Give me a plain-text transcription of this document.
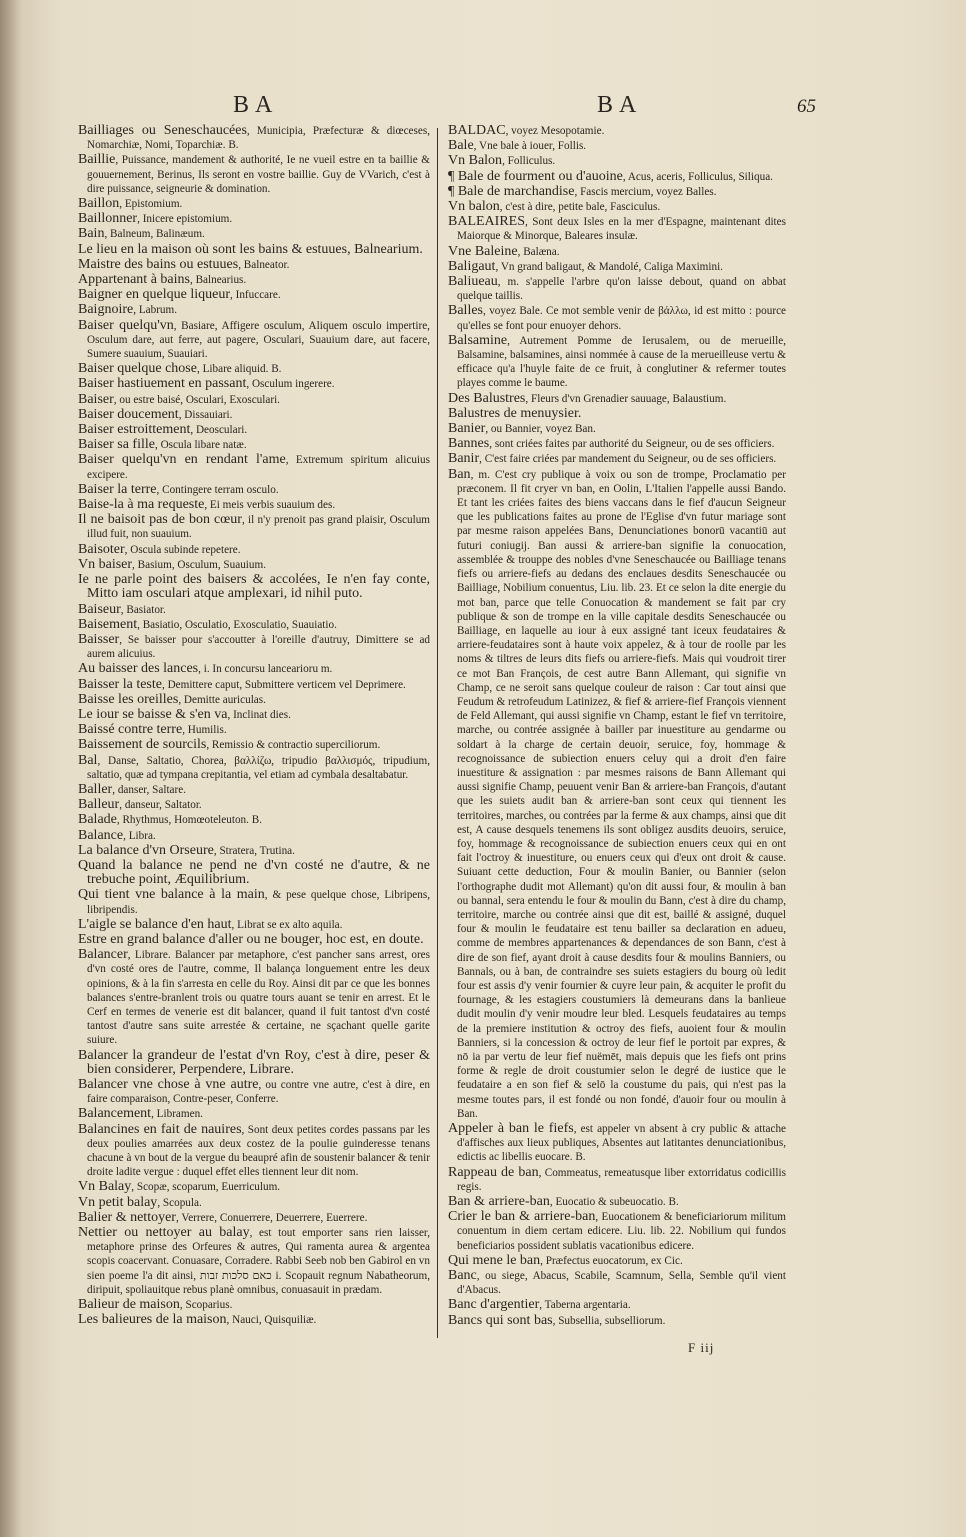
BA	BA	65

Bailliages ou Seneschaucées, Municipia, Præfecturæ & diœceses, Nomarchiæ, Nomi, Toparchiæ. B.

Baillie, Puissance, mandement & authorité, Ie ne vueil estre en ta baillie & gouuernement, Berinus, Ils seront en vostre baillie. Guy de VVarich, c'est à dire puissance, seigneurie & domination.

Baillon, Epistomium.

Baillonner, Inicere epistomium.

Bain, Balneum, Balinæum.

Le lieu en la maison où sont les bains & estuues, Balnearium.

Maistre des bains ou estuues, Balneator.

Appartenant à bains, Balnearius.

Baigner en quelque liqueur, Infuccare.

Baignoire, Labrum.

Baiser quelqu'vn, Basiare, Affigere osculum, Aliquem osculo impertire, Osculum dare, aut ferre, aut pagere, Osculari, Suauium dare, aut facere, Sumere suauium, Suauiari.

Baiser quelque chose, Libare aliquid. B.

Baiser hastiuement en passant, Osculum ingerere.

Baiser, ou estre baisé, Osculari, Exosculari.

Baiser doucement, Dissauiari.

Baiser estroittement, Deosculari.

Baiser sa fille, Oscula libare natæ.

Baiser quelqu'vn en rendant l'ame, Extremum spiritum alicuius excipere.

Baiser la terre, Contingere terram osculo.

Baise-la à ma requeste, Ei meis verbis suauium des.

Il ne baisoit pas de bon cœur, il n'y prenoit pas grand plaisir, Osculum illud fuit, non suauium.

Baisoter, Oscula subinde repetere.

Vn baiser, Basium, Osculum, Suauium.

Ie ne parle point des baisers & accolées, Ie n'en fay conte, Mitto iam osculari atque amplexari, id nihil puto.

Baiseur, Basiator.

Baisement, Basiatio, Osculatio, Exosculatio, Suauiatio.

Baisser, Se baisser pour s'accoutter à l'oreille d'autruy, Dimittere se ad aurem alicuius.

Au baisser des lances, i. In concursu lancearioru m.

Baisser la teste, Demittere caput, Submittere verticem vel Deprimere.

Baisse les oreilles, Demitte auriculas.

Le iour se baisse & s'en va, Inclinat dies.

Baissé contre terre, Humilis.

Baissement de sourcils, Remissio & contractio superciliorum.

Bal, Danse, Saltatio, Chorea, βαλλίζω, tripudio βαλλισμός, tripudium, saltatio, quæ ad tympana crepitantia, vel etiam ad cymbala desaltabatur.

Baller, danser, Saltare.

Balleur, danseur, Saltator.

Balade, Rhythmus, Homœoteleuton. B.

Balance, Libra.

La balance d'vn Orseure, Stratera, Trutina.

Quand la balance ne pend ne d'vn costé ne d'autre, & ne trebuche point, Æquilibrium.

Qui tient vne balance à la main, & pese quelque chose, Libripens, libripendis.

L'aigle se balance d'en haut, Librat se ex alto aquila.

Estre en grand balance d'aller ou ne bouger, hoc est, en doute.

Balancer, Librare. Balancer par metaphore, c'est pancher sans arrest, ores d'vn costé ores de l'autre, comme, Il balança longuement entre les deux opinions, & à la fin s'arresta en celle du Roy. Ainsi dit par ce que les bonnes balances s'entre-branlent trois ou quatre tours auant se tenir en arrest. Et le Cerf en termes de venerie est dit balancer, quand il fuit tantost d'vn costé tantost d'autre sans suite arrestée & certaine, ne sçachant quelle garite suiure.

Balancer la grandeur de l'estat d'vn Roy, c'est à dire, peser & bien considerer, Perpendere, Librare.

Balancer vne chose à vne autre, ou contre vne autre, c'est à dire, en faire comparaison, Contre-peser, Conferre.

Balancement, Libramen.

Balancines en fait de nauires, Sont deux petites cordes passans par les deux poulies amarrées aux deux costez de la poulie guinderesse tenans chacune à vn bout de la vergue du beaupré afin de soustenir balancer & tenir droite ladite vergue : duquel effet elles tiennent leur dit nom.

Vn Balay, Scopæ, scoparum, Euerriculum.

Vn petit balay, Scopula.

Balier & nettoyer, Verrere, Conuerrere, Deuerrere, Euerrere.

Nettier ou nettoyer au balay, est tout emporter sans rien laisser, metaphore prinse des Orfeures & autres, Qui ramenta aurea & argentea scopis coacervant. Conuasare, Corradere. Rabbi Seeb nob ben Gabirol en vn sien poeme l'a dit ainsi, כאם סלכות זבות i. Scopauit regnum Nabatheorum, diripuit, spoliauitque rebus planè omnibus, conuasauit in prædam.

Balieur de maison, Scoparius.

Les balieures de la maison, Nauci, Quisquiliæ.

BALDAC, voyez Mesopotamie.

Bale, Vne bale à iouer, Follis.

Vn Balon, Folliculus.

¶ Bale de fourment ou d'auoine, Acus, aceris, Folliculus, Siliqua.

¶ Bale de marchandise, Fascis mercium, voyez Balles.

Vn balon, c'est à dire, petite bale, Fasciculus.

BALEAIRES, Sont deux Isles en la mer d'Espagne, maintenant dites Maiorque & Minorque, Baleares insulæ.

Vne Baleine, Balæna.

Baligaut, Vn grand baligaut, & Mandolé, Caliga Maximini.

Baliueau, m. s'appelle l'arbre qu'on laisse debout, quand on abbat quelque taillis.

Balles, voyez Bale. Ce mot semble venir de βάλλω, id est mitto : pource qu'elles se font pour enuoyer dehors.

Balsamine, Autrement Pomme de Ierusalem, ou de merueille, Balsamine, balsamines, ainsi nommée à cause de la merueilleuse vertu & efficace qu'a l'huyle faite de ce fruit, à conglutiner & refermer toutes playes comme le baume.

Des Balustres, Fleurs d'vn Grenadier sauuage, Balaustium.

Balustres de menuysier.

Banier, ou Bannier, voyez Ban.

Bannes, sont criées faites par authorité du Seigneur, ou de ses officiers.

Banir, C'est faire criées par mandement du Seigneur, ou de ses officiers.

Ban, m. C'est cry publique à voix ou son de trompe, Proclamatio per præconem. Il fit cryer vn ban, en Oolin, L'Italien l'appelle aussi Bando. Et tant les criées faites des biens vaccans dans le fief d'aucun Seigneur que les publications faites au prone de l'Eglise d'vn futur mariage sont par mesme raison appelées Bans, Denunciationes bonorū vacantiū aut futuri coniugij. Ban aussi & arriere-ban signifie la conuocation, assemblée & trouppe des nobles d'vne Seneschaucée ou Bailliage tenans fiefs ou arriere-fiefs au dedans des enclaues desdits Seneschaucée ou Bailliage, Nobilium conuentus, Liu. lib. 23. Et ce selon la dite energie du mot ban, parce que telle Conuocation & mandement se fait par cry publique & son de trompe en la ville capitale desdits Seneschaucée ou Bailliage, en laquelle au iour à eux assigné tant iceux feudataires & arriere-feudataires sont à haute voix appelez, & à tour de roolle par les noms & tiltres de leurs dits fiefs ou arriere-fiefs. Mais qui voudroit tirer ce mot Ban François, de cest autre Bann Allemant, qui signifie vn Champ, ce ne seroit sans quelque couleur de raison : Car tout ainsi que Feudum & retrofeudum Latinizez, & fief & arriere-fief François viennent de Feld Allemant, qui aussi signifie vn Champ, estant le fief vn territoire, marche, ou contrée assignée à bailler par inuestiture au gendarme ou soldart à la charge de certain deuoir, seruice, foy, hommage & recognoissance de subiection enuers celuy qui a droit d'en faire inuestiture & assignation : par mesmes raisons de Bann Allemant qui aussi signifie Champ, peuuent venir Ban & arriere-ban François, d'autant que les suiets audit ban & arriere-ban sont ceux qui tiennent les territoires, marches, ou contrées par la ferme & aux champs, ainsi que dit est, A cause desquels tenemens ils sont obligez ausdits deuoirs, seruice, foy, hommage & recognoissance de subiection enuers ceux qui en ont fait l'octroy & inuestiture, ou enuers ceux qui d'eux ont droit & cause. Suiuant cette deduction, Four & moulin Banier, ou Bannier (selon l'orthographe dudit mot Allemant) qu'on dit aussi four, & moulin à ban ou bannal, sera entendu le four & moulin du Bann, c'est à dire du champ, territoire, marche ou contrée ainsi que dit est, baillé & assigné, duquel four & moulin le feudataire est tenu bailler sa declaration en adueu, comme de membres appartenances & dependances de son Bann, c'est à dire de son fief, ayant droit à cause desdits four & moulins Banniers, ou Bannals, ou à ban, de contraindre ses suiets estagiers du bourg où ledit four est assis d'y venir fournier & cuyre leur pain, & acquiter le profit du fournage, & les estagiers coustumiers là demeurans dans la banlieue dudit moulin d'y venir moudre leur bled. Lesquels feudataires au temps de la premiere institution & octroy des fiefs, auoient four & moulin Banniers, si la concession & octroy de leur fief le portoit par expres, & nō ia par vertu de leur fief nuëmēt, mais depuis que les fiefs ont prins forme & regle de droit coustumier selon le degré de iustice que le feudataire a en son fief & selō la coustume du pais, qui n'est pas la mesme toutes pars, il est fondé ou non fondé, d'auoir four ou moulin à Ban.

Appeler à ban le fiefs, est appeler vn absent à cry public & attache d'affisches aux lieux publiques, Absentes aut latitantes denunciationibus, edictis ac libellis euocare. B.

Rappeau de ban, Commeatus, remeatusque liber extorridatus codicillis regis.

Ban & arriere-ban, Euocatio & subeuocatio. B.

Crier le ban & arriere-ban, Euocationem & beneficiariorum militum conuentum in diem certam edicere. Liu. lib. 22. Nobilium qui fundos beneficiarios possident sublatis vacationibus edicere.

Qui mene le ban, Præfectus euocatorum, ex Cic.

Banc, ou siege, Abacus, Scabile, Scamnum, Sella, Semble qu'il vient d'Abacus.

Banc d'argentier, Taberna argentaria.

Bancs qui sont bas, Subsellia, subselliorum.

F iij
